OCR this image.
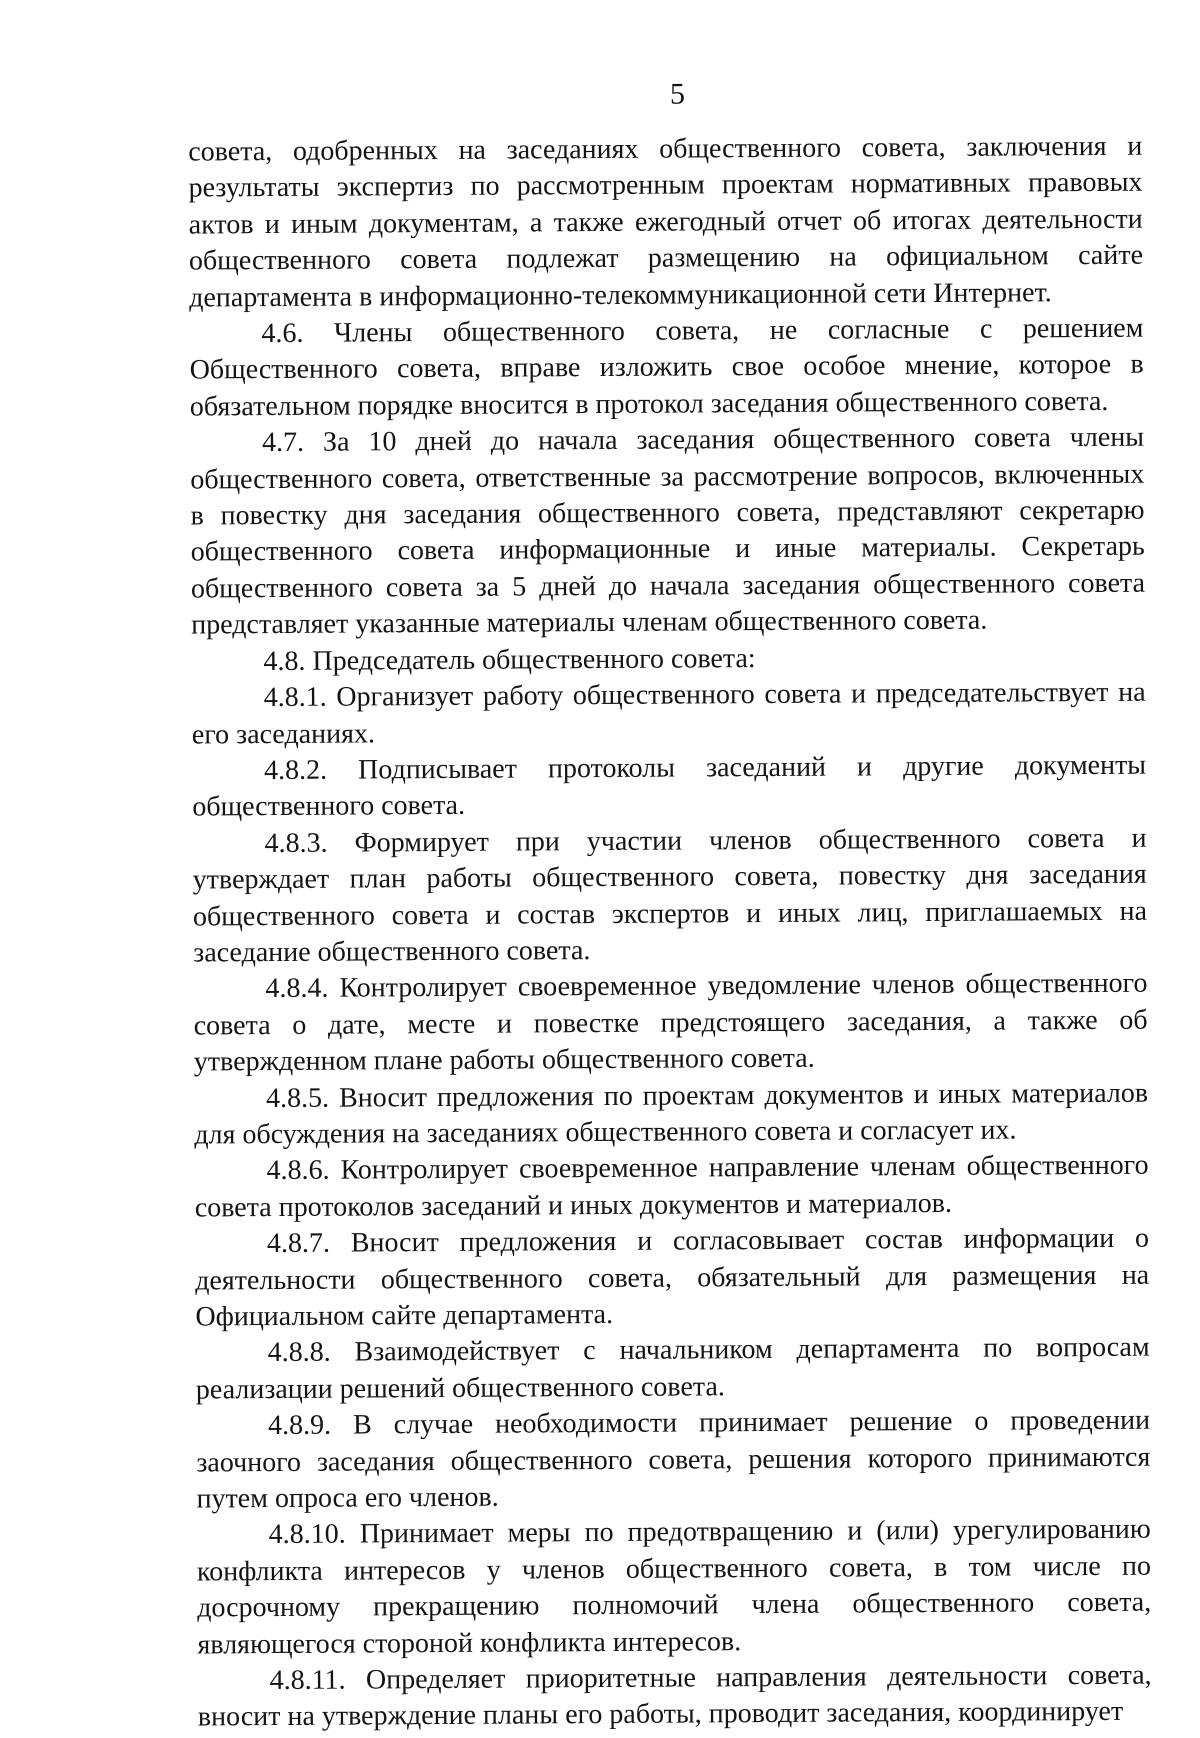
5

совета, одобренных на заседаниях общественного совета, заключения и результаты экспертиз по рассмотренным проектам нормативных правовых актов и иным документам, а также ежегодный отчет об итогах деятельности общественного совета подлежат размещению на официальном сайте департамента в информационно-телекоммуникационной сети Интернет.

4.6. Члены общественного совета, не согласные с решением Общественного совета, вправе изложить свое особое мнение, которое в обязательном порядке вносится в протокол заседания общественного совета.

4.7. За 10 дней до начала заседания общественного совета члены общественного совета, ответственные за рассмотрение вопросов, включенных в повестку дня заседания общественного совета, представляют секретарю общественного совета информационные и иные материалы. Секретарь общественного совета за 5 дней до начала заседания общественного совета представляет указанные материалы членам общественного совета.

4.8. Председатель общественного совета:

4.8.1. Организует работу общественного совета и председательствует на его заседаниях.

4.8.2. Подписывает протоколы заседаний и другие документы общественного совета.

4.8.3. Формирует при участии членов общественного совета и утверждает план работы общественного совета, повестку дня заседания общественного совета и состав экспертов и иных лиц, приглашаемых на заседание общественного совета.

4.8.4. Контролирует своевременное уведомление членов общественного совета о дате, месте и повестке предстоящего заседания, а также об утвержденном плане работы общественного совета.

4.8.5. Вносит предложения по проектам документов и иных материалов для обсуждения на заседаниях общественного совета и согласует их.

4.8.6. Контролирует своевременное направление членам общественного совета протоколов заседаний и иных документов и материалов.

4.8.7. Вносит предложения и согласовывает состав информации о деятельности общественного совета, обязательный для размещения на Официальном сайте департамента.

4.8.8. Взаимодействует с начальником департамента по вопросам реализации решений общественного совета.

4.8.9. В случае необходимости принимает решение о проведении заочного заседания общественного совета, решения которого принимаются путем опроса его членов.

4.8.10. Принимает меры по предотвращению и (или) урегулированию конфликта интересов у членов общественного совета, в том числе по досрочному прекращению полномочий члена общественного совета, являющегося стороной конфликта интересов.

4.8.11. Определяет приоритетные направления деятельности совета, вносит на утверждение планы его работы, проводит заседания, координирует
